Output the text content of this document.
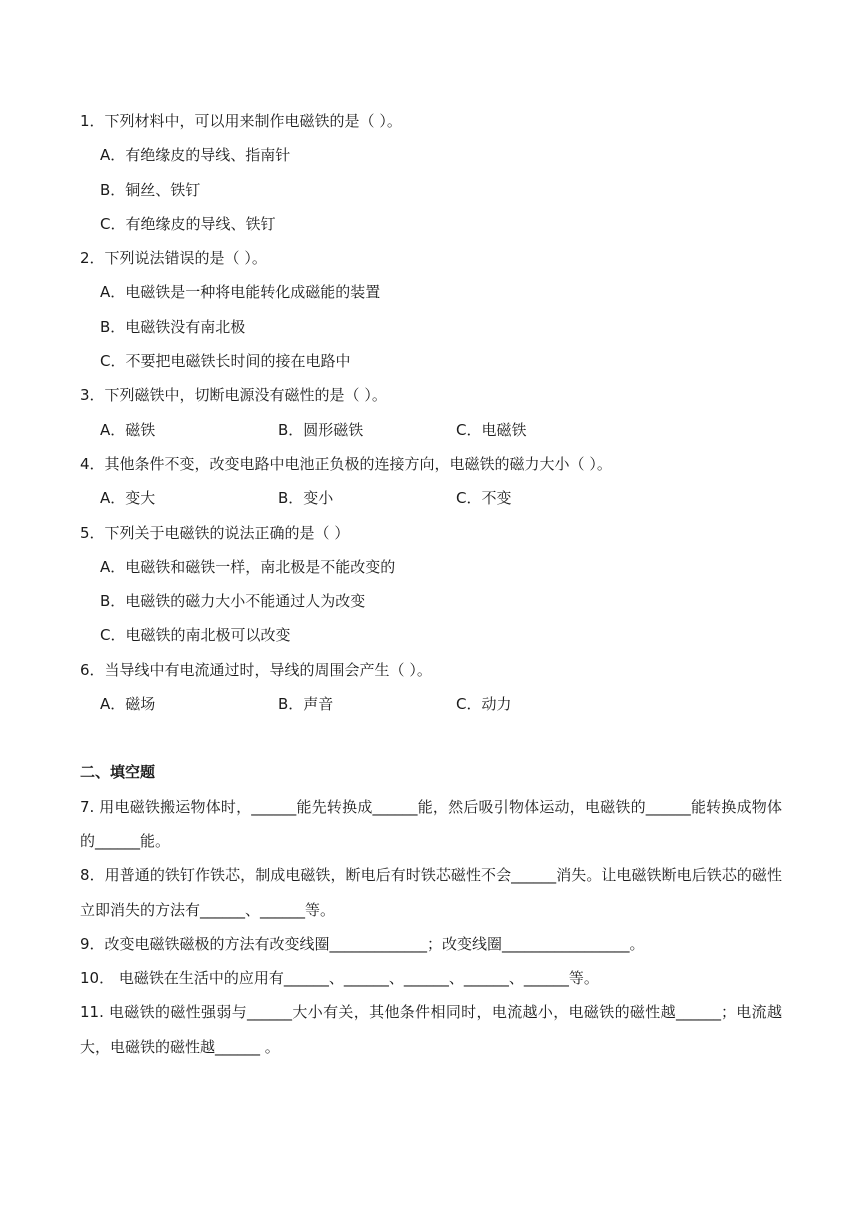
1．下列材料中，可以用来制作电磁铁的是（ ）。
A．有绝缘皮的导线、指南针
B．铜丝、铁钉
C．有绝缘皮的导线、铁钉
2．下列说法错误的是（ ）。
A．电磁铁是一种将电能转化成磁能的装置
B．电磁铁没有南北极
C．不要把电磁铁长时间的接在电路中
3．下列磁铁中，切断电源没有磁性的是（ ）。
A．磁铁	B．圆形磁铁	C．电磁铁
4．其他条件不变，改变电路中电池正负极的连接方向，电磁铁的磁力大小（ ）。
A．变大	B．变小	C．不变
5．下列关于电磁铁的说法正确的是（ ）
A．电磁铁和磁铁一样，南北极是不能改变的
B．电磁铁的磁力大小不能通过人为改变
C．电磁铁的南北极可以改变
6．当导线中有电流通过时，导线的周围会产生（ ）。
A．磁场	B．声音	C．动力
二、填空题
7. 用电磁铁搬运物体时，______能先转换成______能，然后吸引物体运动，电磁铁的______能转换成物体的______能。
8．用普通的铁钉作铁芯，制成电磁铁，断电后有时铁芯磁性不会______消失。让电磁铁断电后铁芯的磁性立即消失的方法有______、______等。
9．改变电磁铁磁极的方法有改变线圈_____________；改变线圈_________________。
10． 电磁铁在生活中的应用有______、______、______、______、______等。
11. 电磁铁的磁性强弱与______大小有关，其他条件相同时，电流越小，电磁铁的磁性越______；电流越大，电磁铁的磁性越______ 。
